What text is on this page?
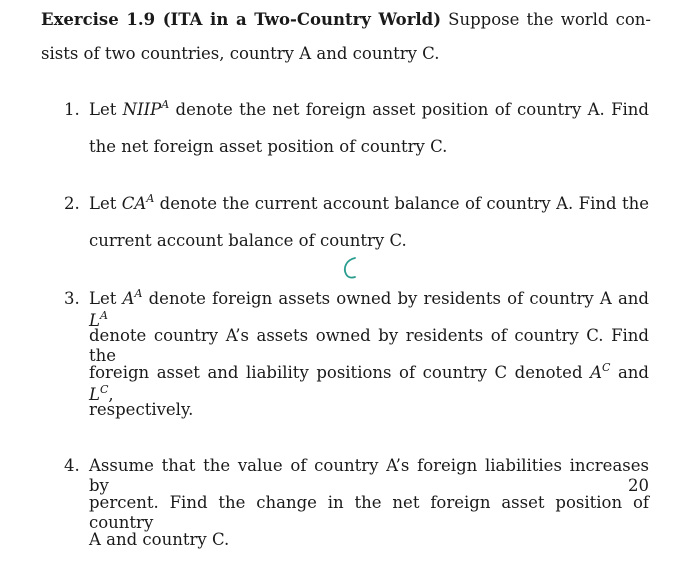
Exercise 1.9 (ITA in a Two-Country World) Suppose the world con-
sists of two countries, country A and country C.
1. Let $NIIP^A$ denote the net foreign asset position of country A. Find
the net foreign asset position of country C.
2. Let $CA^A$ denote the current account balance of country A. Find the
current account balance of country C.
3. Let $A^A$ denote foreign assets owned by residents of country A and $L^A$
denote country A’s assets owned by residents of country C. Find the
foreign asset and liability positions of country C denoted $A^C$ and $L^C$,
respectively.
4. Assume that the value of country A’s foreign liabilities increases by 20
percent. Find the change in the net foreign asset position of country
A and country C.
